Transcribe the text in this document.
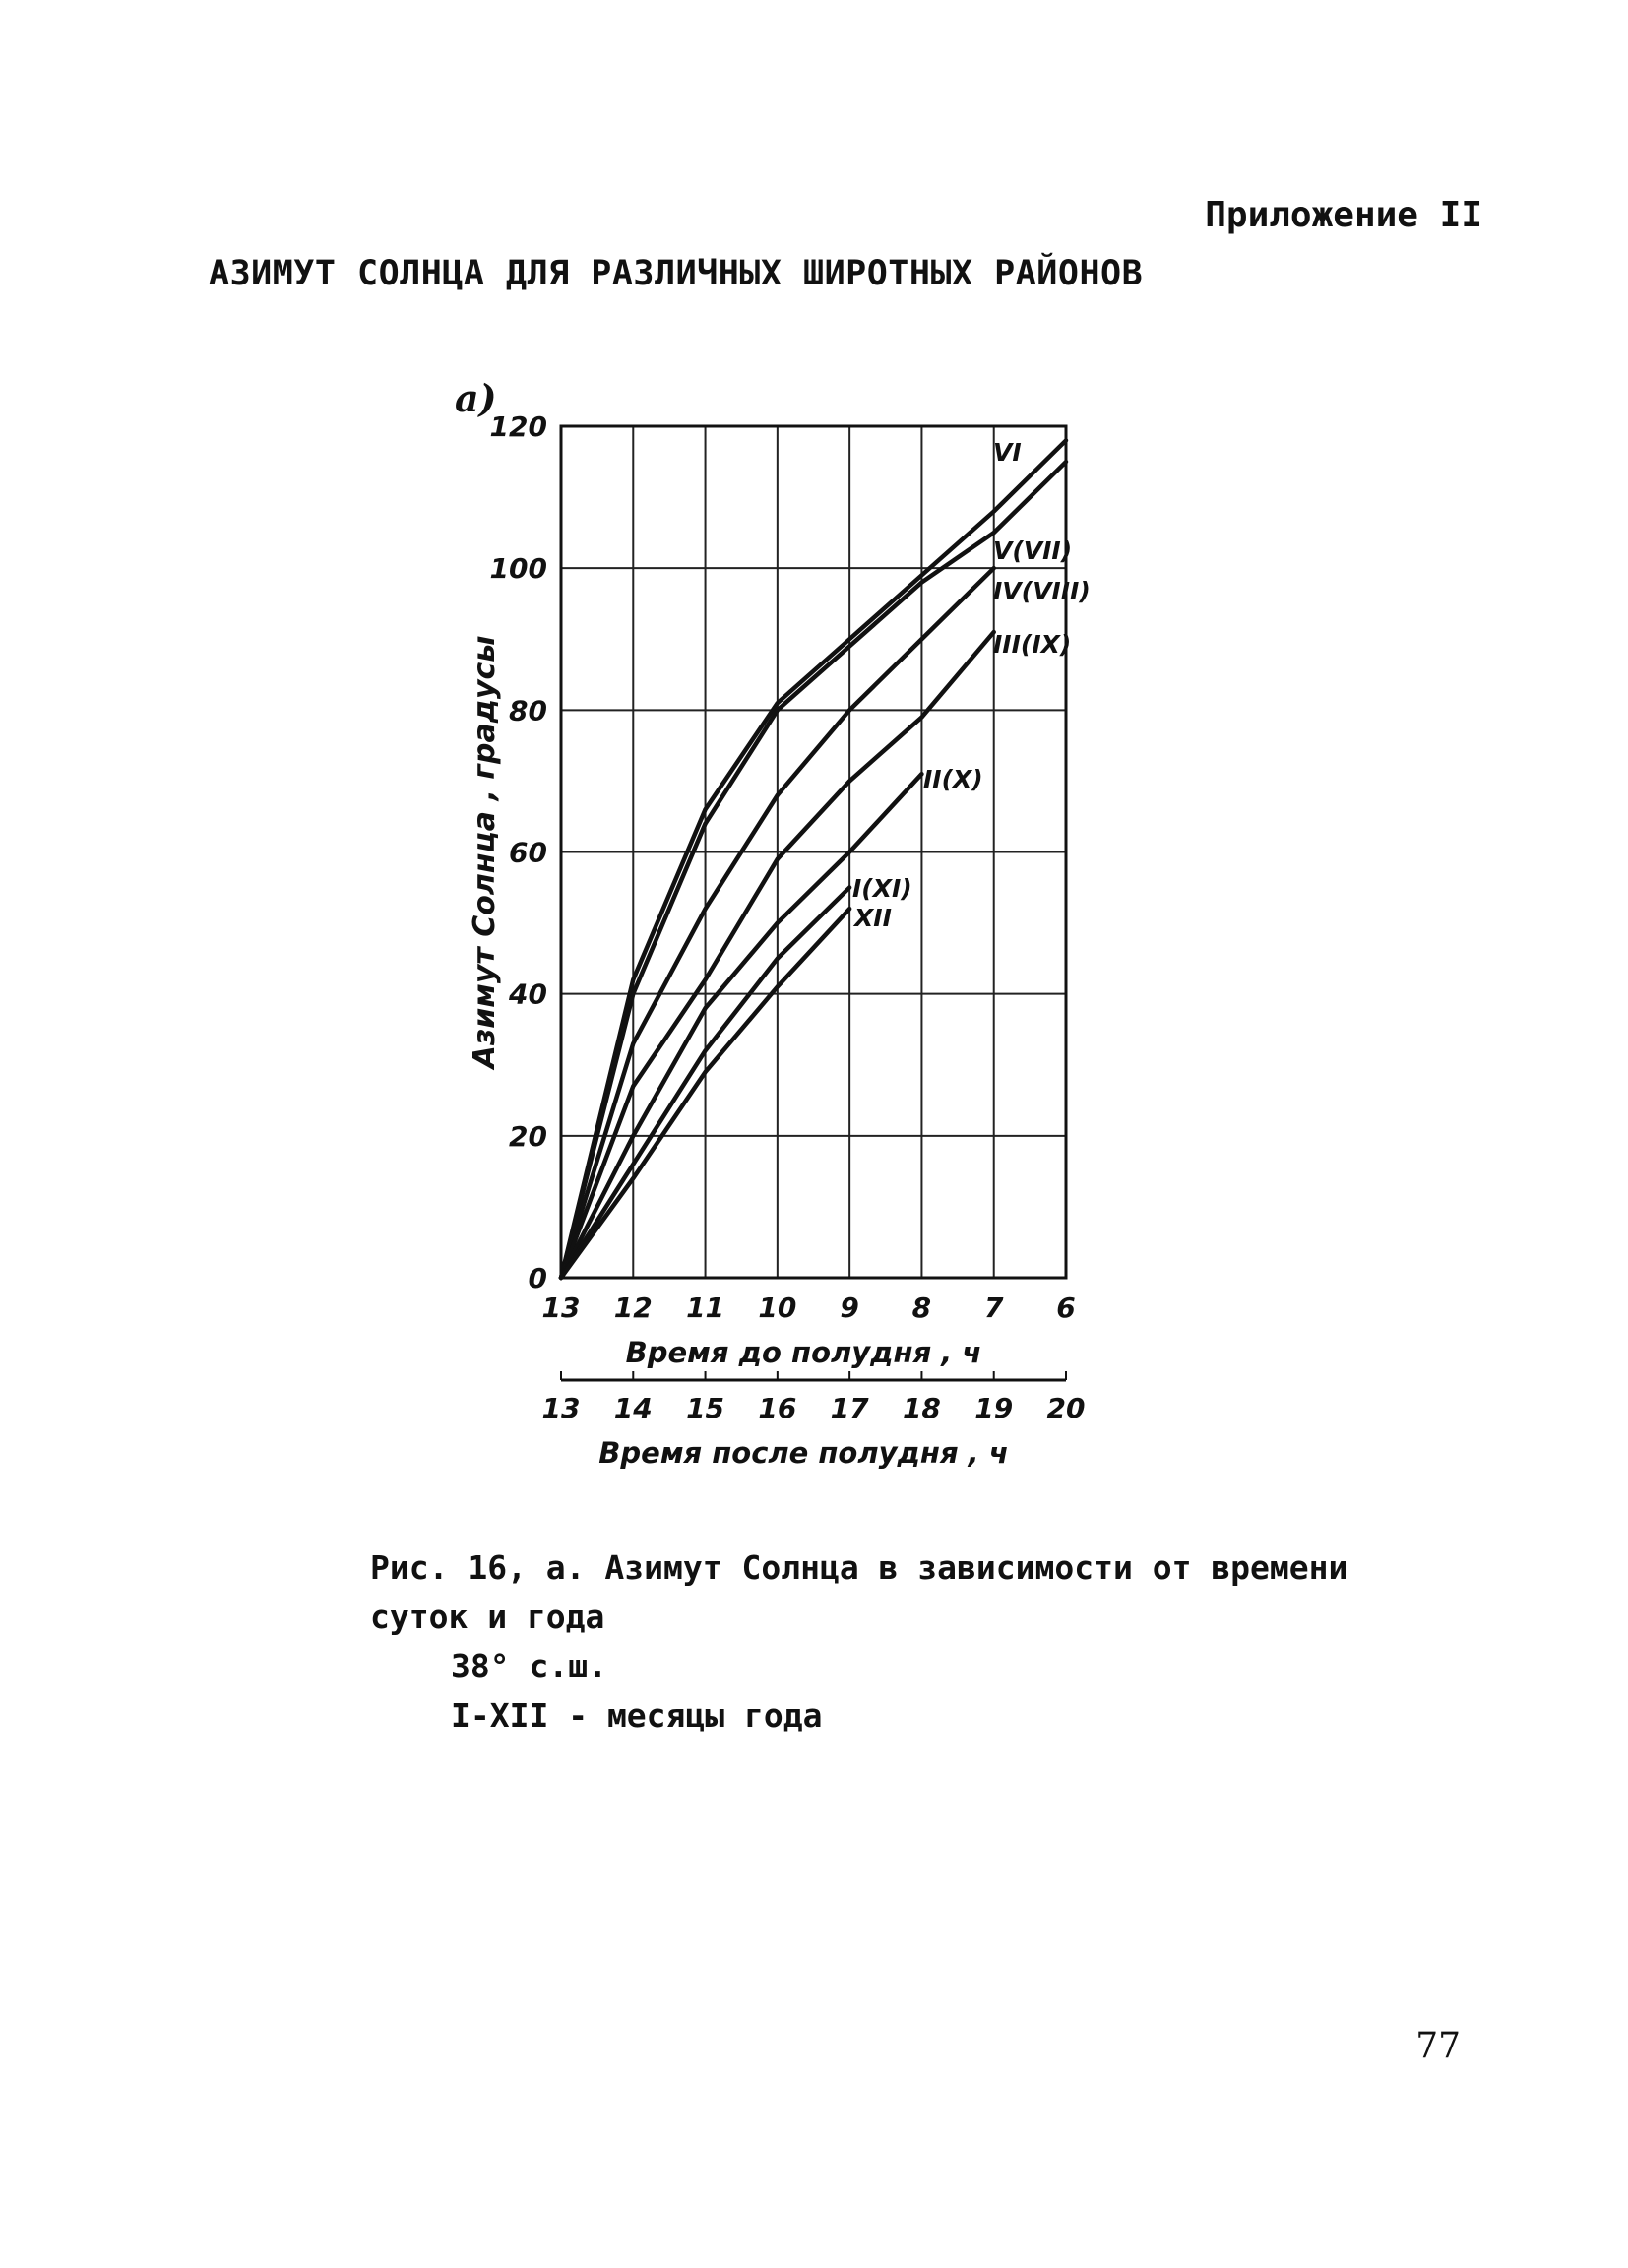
Приложение II
АЗИМУТ СОЛНЦА ДЛЯ РАЗЛИЧНЫХ ШИРОТНЫХ РАЙОНОВ
а)
0
20
40
60
80
100
120
Азимут Солнца , градусы
13 12 11 10 9 8 7 6
Время до полудня , ч
13 14 15 16 17 18 19 20
Время после полудня , ч
VI
V(VII)
IV(VIII)
III(IX)
II(X)
I(XI)
XII
Рис. 16, а. Азимут Солнца в зависимости от времени
суток и года
38° с.ш.
I-XII - месяцы года
77
